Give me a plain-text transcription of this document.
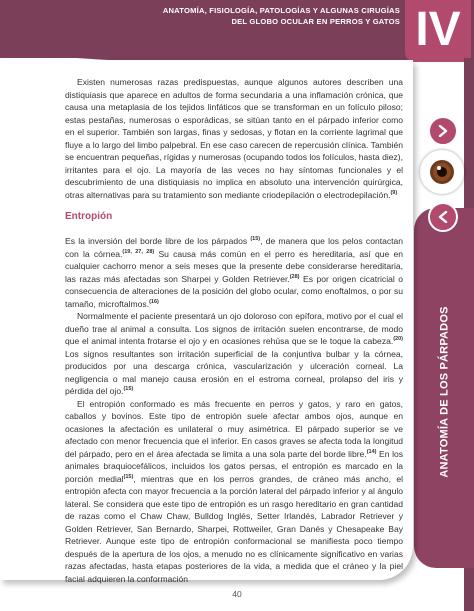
ANATOMÍA, FISIOLOGÍA, PATOLOGÍAS Y ALGUNAS CIRUGÍAS
DEL GLOBO OCULAR EN PERROS Y GATOS IV
ANATOMÍA DE LOS PÁRPADOS

Existen numerosas razas predispuestas, aunque algunos autores describen una distiquiasis que aparece en adultos de forma secundaria a una inflamación crónica, que causa una metaplasia de los tejidos linfáticos que se transforman en un folículo piloso; estas pestañas, numerosas o esporádicas, se sitúan tanto en el párpado inferior como en el superior. También son largas, finas y sedosas, y flotan en la corriente lagrimal que fluye a lo largo del limbo palpebral. En ese caso carecen de repercusión clínica. También se encuentran pequeñas, rígidas y numerosas (ocupando todos los folículos, hasta diez), irritantes para el ojo. La mayoría de las veces no hay síntomas funcionales y el descubrimiento de una distiquiasis no implica en absoluto una intervención quirúrgica, otras alternativas para su tratamiento son mediante criodepilación o electrodepilación.$^{(9)}$

Entropión

Es la inversión del borde libre de los párpados $^{(15)}$, de manera que los pelos contactan con la córnea.$^{(19, 27, 28)}$ Su causa más común en el perro es hereditaria, así que en cualquier cachorro menor a seis meses que la presente debe considerarse hereditaria, las razas más afectadas son Sharpei y Golden Retriever.$^{(28)}$ Es por origen cicatricial o consecuencia de alteraciones de la posición del globo ocular, como enoftalmos, o por su tamaño, microftalmos.$^{(16)}$

Normalmente el paciente presentará un ojo doloroso con epífora, motivo por el cual el dueño trae al animal a consulta. Los signos de irritación suelen encontrarse, de modo que el animal intenta frotarse el ojo y en ocasiones rehúsa que se le toque la cabeza.$^{(20)}$ Los signos resultantes son irritación superficial de la conjuntiva bulbar y la córnea, producidos por una descarga crónica, vascularización y ulceración corneal. La negligencia o mal manejo causa erosión en el estroma corneal, prolapso del iris y pérdida del ojo.$^{(15)}$

El entropión conformado es más frecuente en perros y gatos, y raro en gatos, caballos y bovinos. Este tipo de entropión suele afectar ambos ojos, aunque en ocasiones la afectación es unilateral o muy asimétrica. El párpado superior se ve afectado con menor frecuencia que el inferior. En casos graves se afecta toda la longitud del párpado, pero en el área afectada se limita a una sola parte del borde libre.$^{(14)}$ En los animales braquiocefálicos, incluidos los gatos persas, el entropión es marcado en la porción medial$^{(15)}$, mientras que en los perros grandes, de cráneo más ancho, el entropión afecta con mayor frecuencia a la porción lateral del párpado inferior y al ángulo lateral. Se considera que este tipo de entropión es un rasgo hereditario en gran cantidad de razas como el Chaw Chaw, Bulldog Inglés, Setter Irlandés, Labrador Retriever y Golden Retriever, San Bernardo, Sharpei, Rottweiler, Gran Danés y Chesapeake Bay Retriever. Aunque este tipo de entropión conformacional se manifiesta poco tiempo después de la apertura de los ojos, a menudo no es clínicamente significativo en varias razas afectadas, hasta etapas posteriores de la vida, a medida que el cráneo y la piel facial adquieren la conformación

40
